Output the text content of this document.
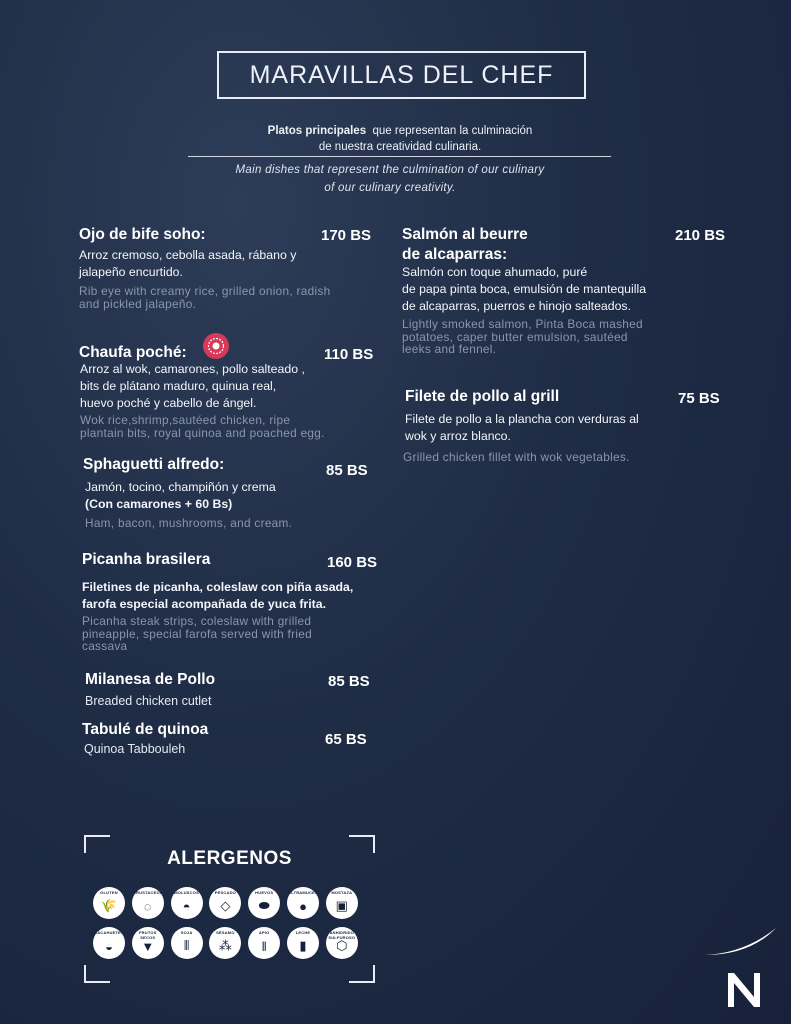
MARAVILLAS DEL CHEF
Platos principales que representan la culminación
de nuestra creatividad culinaria.
Main dishes that represent the culmination of our culinary
of our culinary creativity.
Ojo de bife soho:	170 BS
Arroz cremoso, cebolla asada, rábano y
jalapeño encurtido.
Rib eye with creamy rice, grilled onion, radish
and pickled jalapeño.
Chaufa poché:	110 BS
Arroz al wok, camarones, pollo salteado ,
bits de plátano maduro, quinua real,
huevo poché y cabello de ángel.
Wok rice,shrimp,sautéed chicken, ripe
plantain bits, royal quinoa and poached egg.
Sphaguetti alfredo:	85 BS
Jamón, tocino, champiñón y crema
(Con camarones + 60 Bs)
Ham, bacon, mushrooms, and cream.
Picanha brasilera	160 BS
Filetines de picanha, coleslaw con piña asada,
farofa especial acompañada de yuca frita.
Picanha steak strips, coleslaw with grilled
pineapple, special farofa served with fried
cassava
Milanesa de Pollo	85 BS
Breaded chicken cutlet
Tabulé de quinoa
65 BS
Quinoa Tabbouleh
Salmón al beurre
de alcaparras:
210 BS
Salmón con toque ahumado, puré
de papa pinta boca, emulsión de mantequilla
de alcaparras, puerros e hinojo salteados.
Lightly smoked salmon, Pinta Boca mashed
potatoes, caper butter emulsion, sautéed
leeks and fennel.
Filete de pollo al grill	75 BS
Filete de pollo a la plancha con verduras al
wok y arroz blanco.
Grilled chicken fillet with wok vegetables.
ALERGENOS
GLUTEN
🌾
CRUSTACEOS
◌
MOLUSCOS
◓
PESCADO
◇
HUEVOS
⬬
ALTRAMUCES
●
MOSTAZA
▣
CACAHUETES
◒
FRUTOS SECOS
▼
SOJA
⦀
SÉSAMO
⁂
APIO
‖
LECHE
▮
ANHIDRIDO SULFUROSO
⬡
